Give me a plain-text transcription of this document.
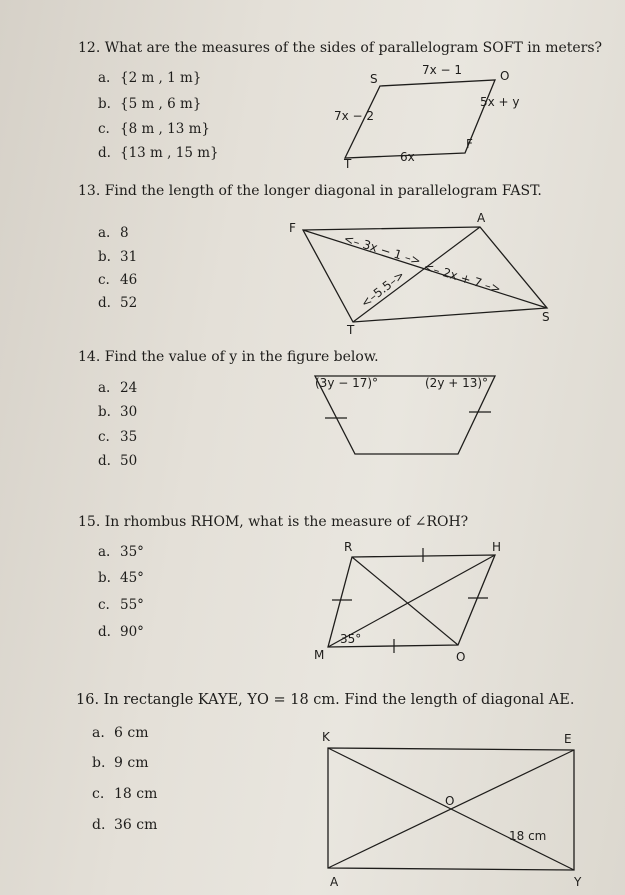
12. What are the measures of the sides of parallelogram SOFT in meters?
a. {2 m , 1 m}
b. {5 m , 6 m}
c. {8 m , 13 m}
d. {13 m , 15 m}
S	O
F
T
7x − 1
7x − 2
5x + y
6x
13. Find the length of the longer diagonal in parallelogram FAST.
a. 8
b. 31
c. 46
d. 52
F
A
S
T
<– 3x − 1 –>
<– 2x + 7 –>
<–5.5–>
14. Find the value of y in the figure below.
a. 24
b. 30
c. 35
d. 50
(3y − 17)°	(2y + 13)°
15. In rhombus RHOM, what is the measure of ∠ROH?
a. 35°
b. 45°
c. 55°
d. 90°
R	H
O
M
35°
16. In rectangle KAYE, YO = 18 cm. Find the length of diagonal AE.
a. 6 cm
b. 9 cm
c. 18 cm
d. 36 cm
K	E
O
A	Y
18 cm
